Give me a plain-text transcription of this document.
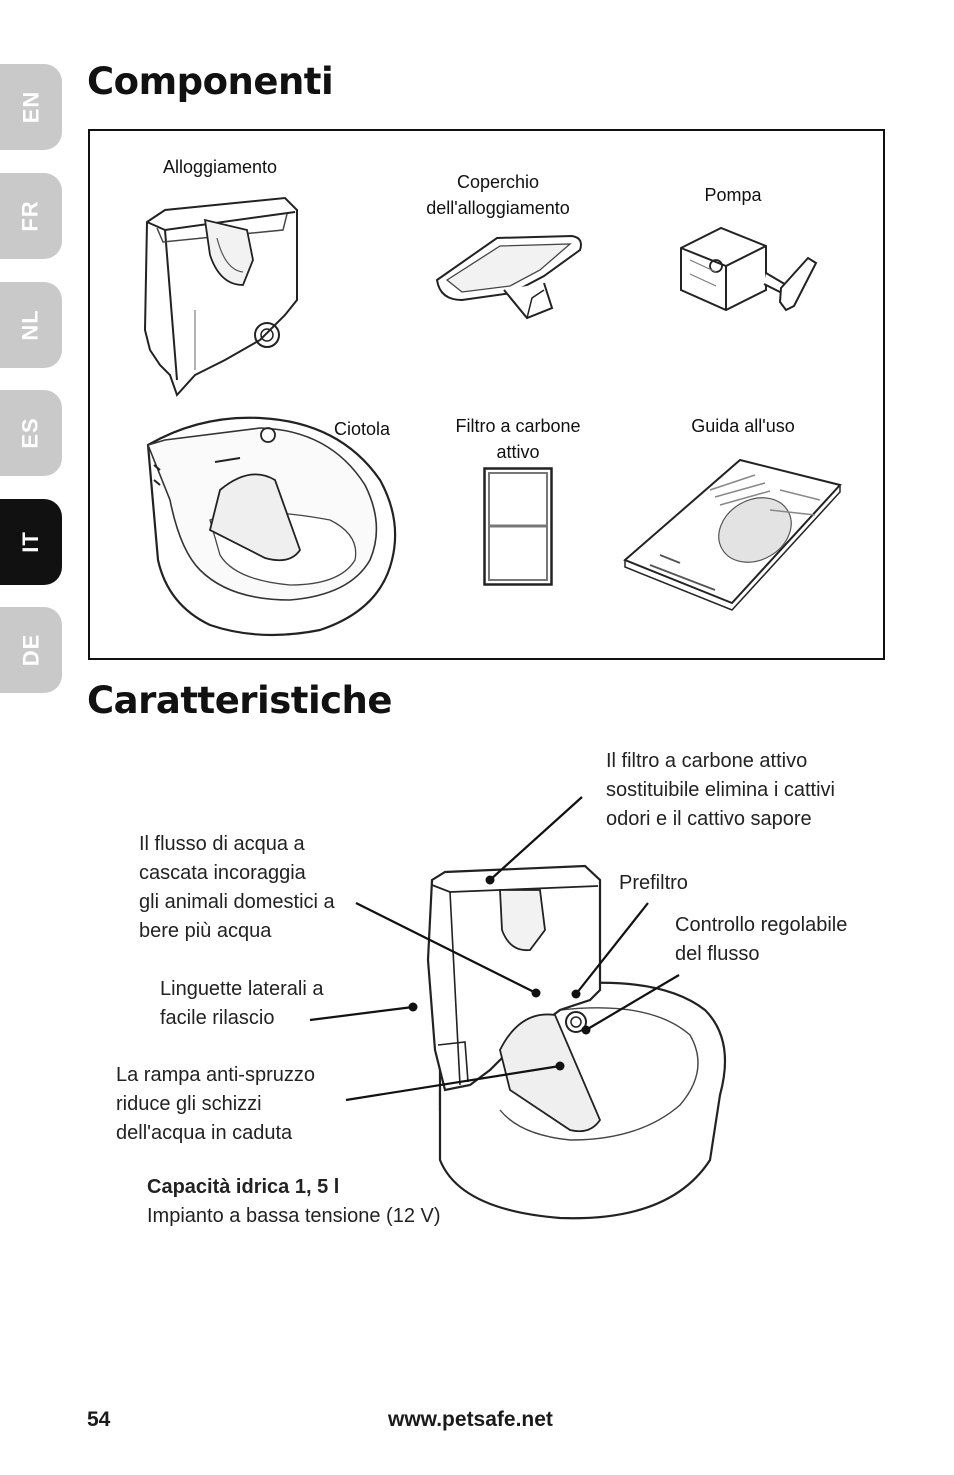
EN
FR
NL
ES
IT
DE
Componenti
Alloggiamento
Coperchio
dell'alloggiamento
Pompa
Ciotola	Filtro a carbone
attivo
Guida all'uso
Caratteristiche
Il filtro a carbone attivo
sostituibile elimina i cattivi
odori e il cattivo sapore
Il flusso di acqua a
cascata incoraggia
gli animali domestici a
bere più acqua
Prefiltro
Controllo regolabile
del flusso
Linguette laterali a
facile rilascio
La rampa anti-spruzzo
riduce gli schizzi
dell'acqua in caduta
Capacità idrica 1, 5 l
Impianto a bassa tensione (12 V)
54	www.petsafe.net
